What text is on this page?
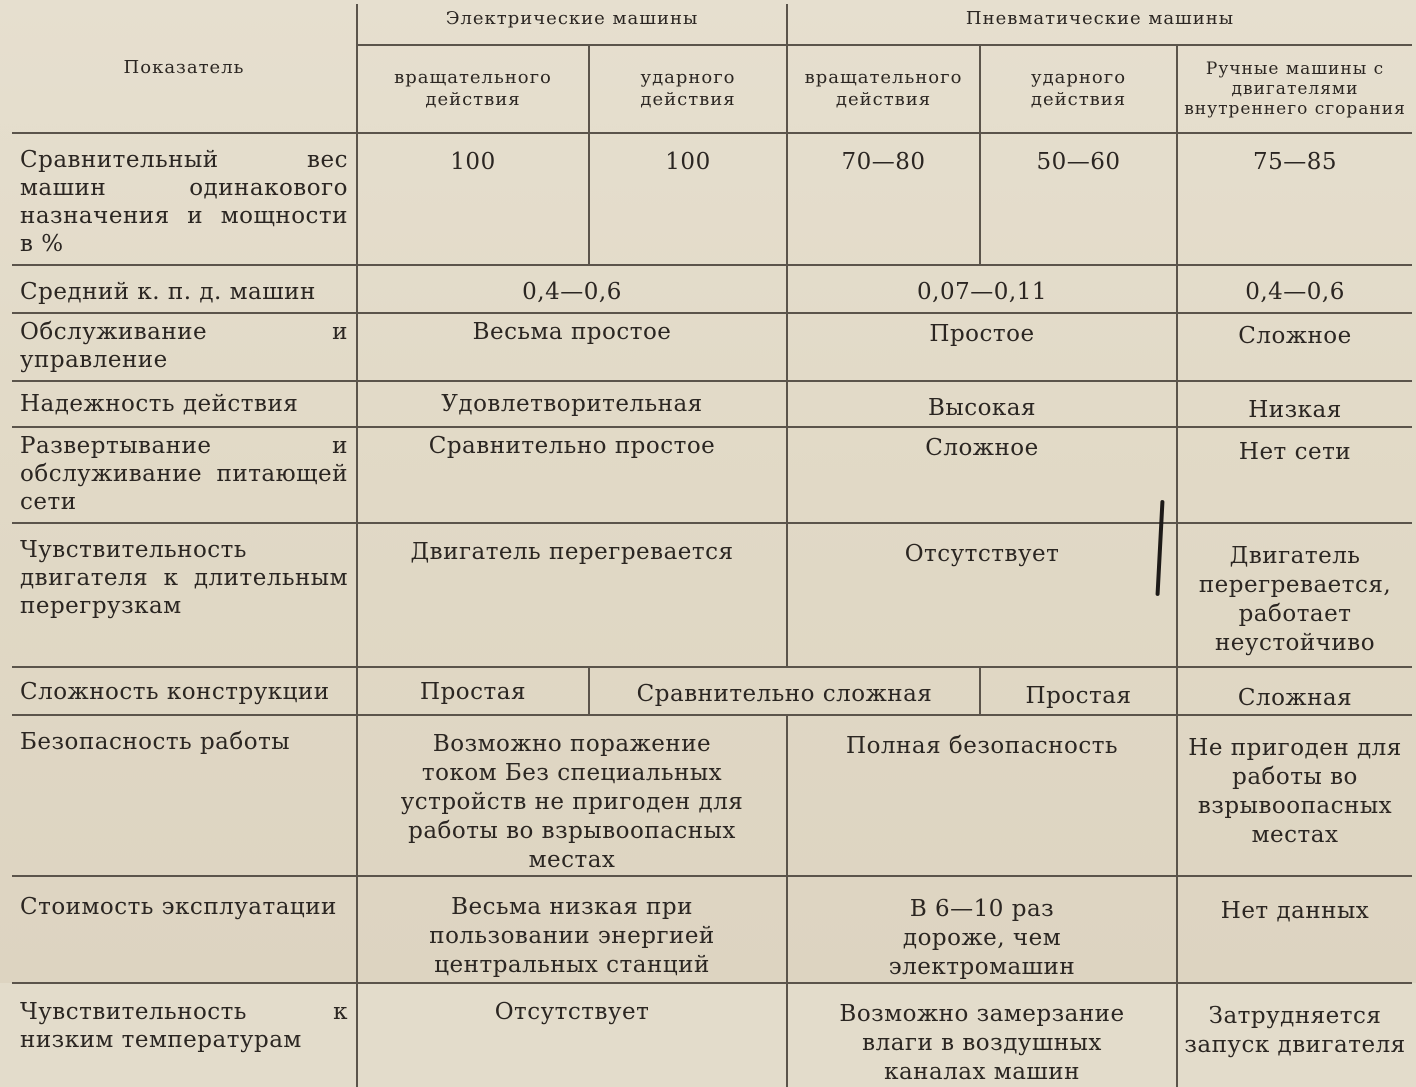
Показатель	Электрические машины		Пневматические машины		
	вращательного действия	ударного действия	вращательного действия	ударного действия	Ручные машины с двигателями внутреннего сгорания
Сравнительный вес машин одинакового назначения и мощности в %	100	100	70—80	50—60	75—85
Средний к. п. д. машин	0,4—0,6		0,07—0,11		0,4—0,6
Обслуживание и управление	Весьма простое		Простое		Сложное
Надежность действия	Удовлетворительная		Высокая		Низкая
Развертывание и обслуживание питающей сети	Сравнительно простое		Сложное		Нет сети
Чувствительность двигателя к длительным перегрузкам	Двигатель перегревается		Отсутствует		Двигатель перегревается, работает неустойчиво
Сложность конструкции	Простая	Сравнительно сложная		Простая	Сложная
Безопасность работы	Возможно поражение током Без специальных устройств не пригоден для работы во взрывоопасных местах		Полная безопасность		Не пригоден для работы во взрывоопасных местах
Стоимость эксплуатации	Весьма низкая при пользовании энергией центральных станций		В 6—10 раз дороже, чем электромашин		Нет данных
Чувствительность к низким температурам	Отсутствует		Возможно замерзание влаги в воздушных каналах машин		Затрудняется запуск двигателя
